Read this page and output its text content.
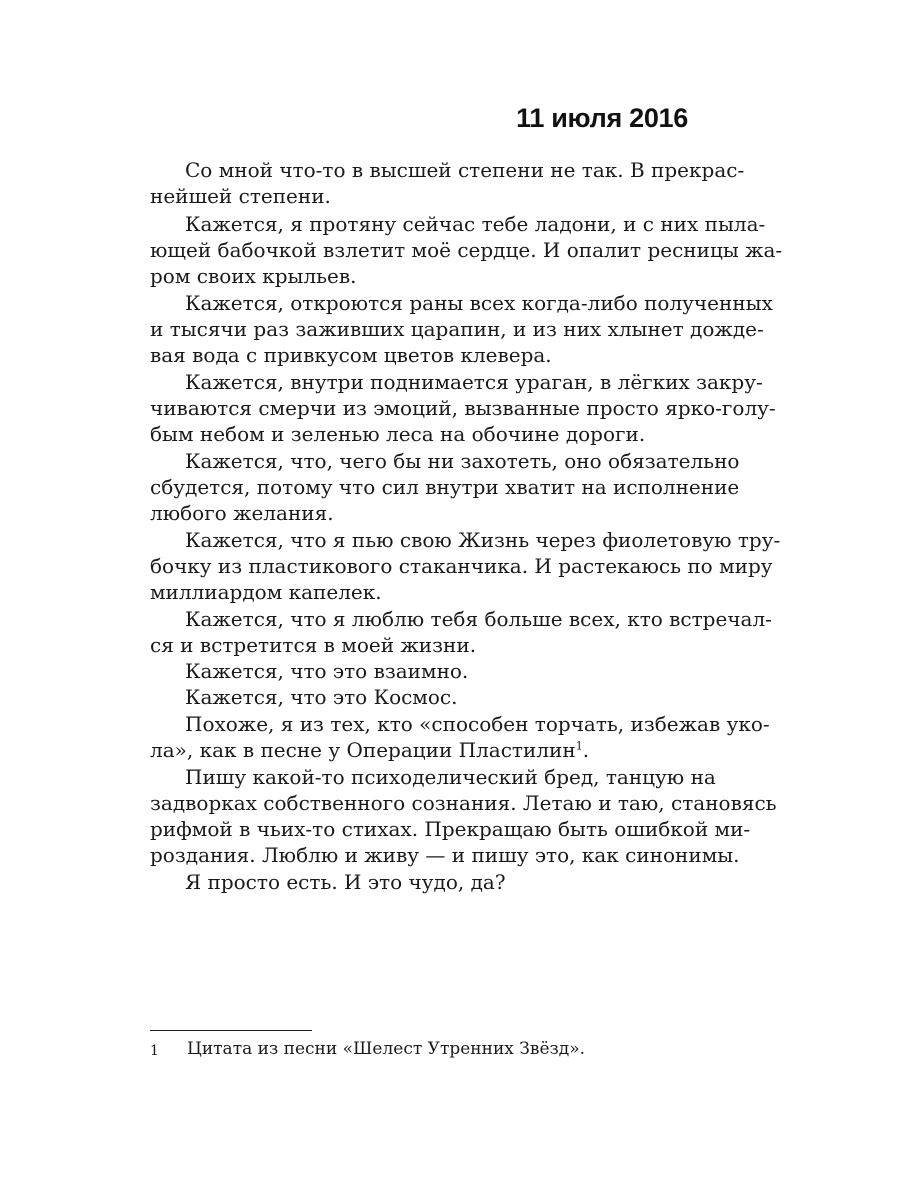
11 июля 2016
Со мной что-то в высшей степени не так. В прекрас-
нейшей степени.
Кажется, я протяну сейчас тебе ладони, и с них пыла-
ющей бабочкой взлетит моё сердце. И опалит ресницы жа-
ром своих крыльев.
Кажется, откроются раны всех когда-либо полученных
и тысячи раз заживших царапин, и из них хлынет дожде-
вая вода с привкусом цветов клевера.
Кажется, внутри поднимается ураган, в лёгких закру-
чиваются смерчи из эмоций, вызванные просто ярко-голу-
бым небом и зеленью леса на обочине дороги.
Кажется, что, чего бы ни захотеть, оно обязательно
сбудется, потому что сил внутри хватит на исполнение
любого желания.
Кажется, что я пью свою Жизнь через фиолетовую тру-
бочку из пластикового стаканчика. И растекаюсь по миру
миллиардом капелек.
Кажется, что я люблю тебя больше всех, кто встречал-
ся и встретится в моей жизни.
Кажется, что это взаимно.
Кажется, что это Космос.
Похоже, я из тех, кто «способен торчать, избежав уко-
ла», как в песне у Операции Пластилин$^1$.
Пишу какой-то психоделический бред, танцую на
задворках собственного сознания. Летаю и таю, становясь
рифмой в чьих-то стихах. Прекращаю быть ошибкой ми-
роздания. Люблю и живу — и пишу это, как синонимы.
Я просто есть. И это чудо, да?
1 Цитата из песни «Шелест Утренних Звёзд».
